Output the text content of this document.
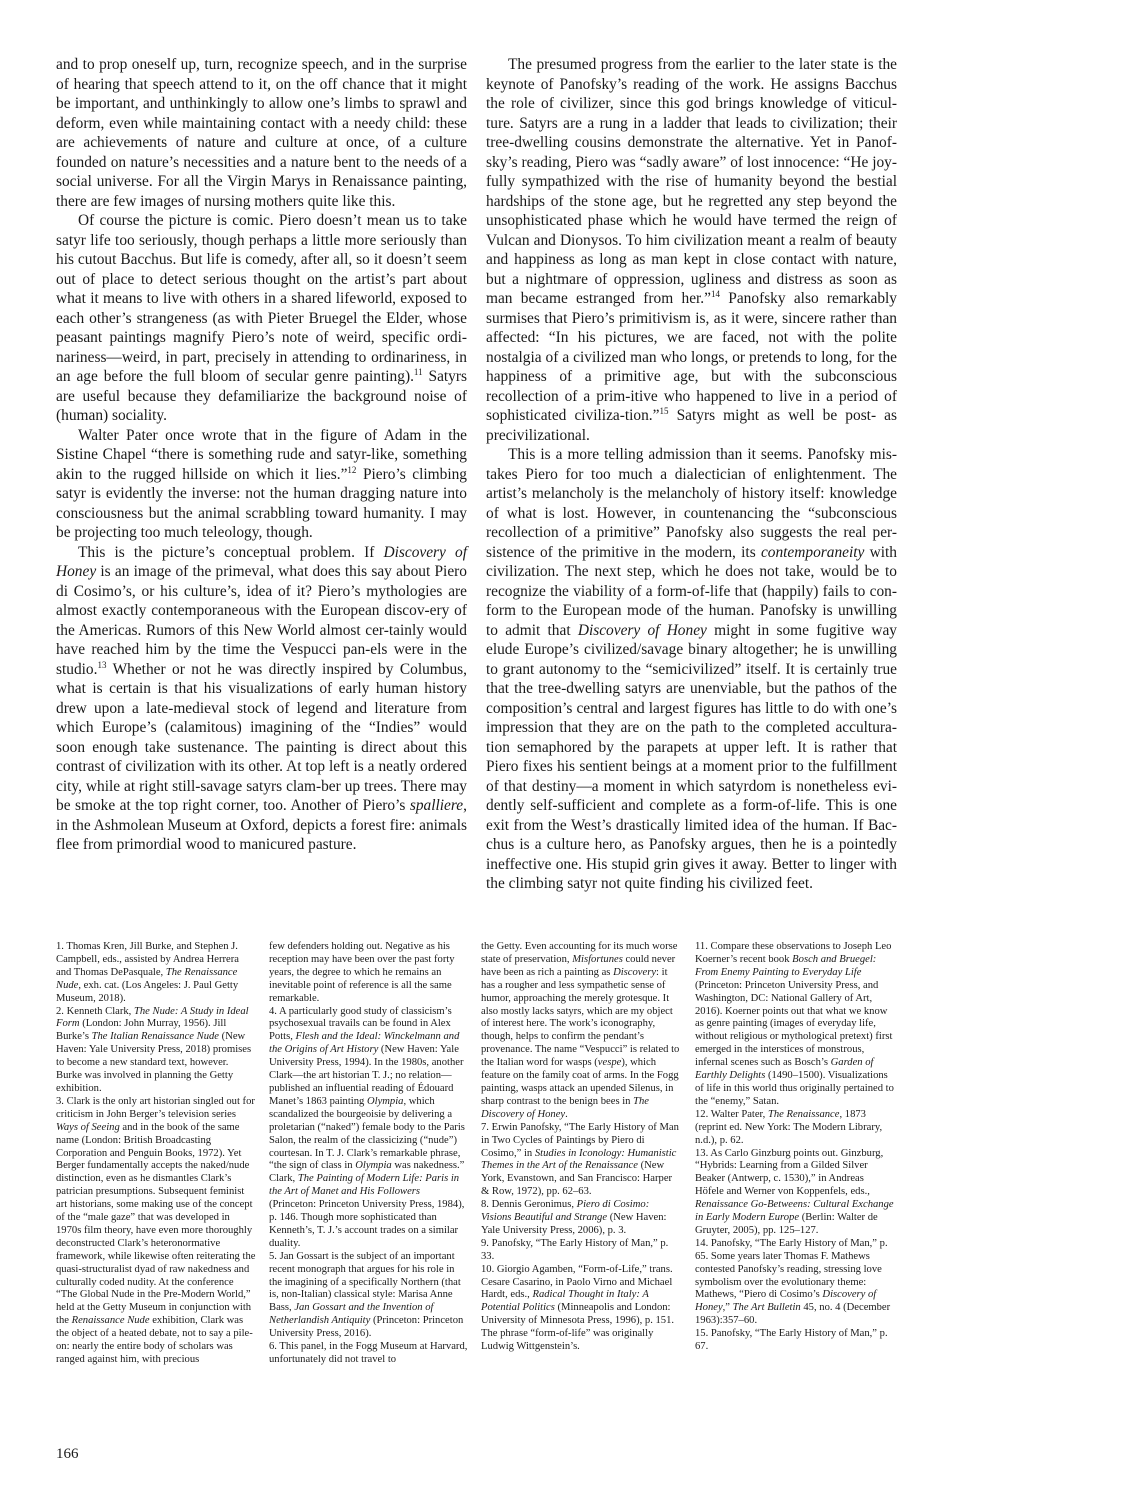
and to prop oneself up, turn, recognize speech, and in the surprise of hearing that speech attend to it, on the off chance that it might be important, and unthinkingly to allow one’s limbs to sprawl and deform, even while maintaining contact with a needy child: these are achievements of nature and culture at once, of a culture founded on nature’s necessities and a nature bent to the needs of a social universe. For all the Virgin Marys in Renaissance painting, there are few images of nursing mothers quite like this.

Of course the picture is comic. Piero doesn’t mean us to take satyr life too seriously, though perhaps a little more seriously than his cutout Bacchus. But life is comedy, after all, so it doesn’t seem out of place to detect serious thought on the artist’s part about what it means to live with others in a shared lifeworld, exposed to each other’s strangeness (as with Pieter Bruegel the Elder, whose peasant paintings magnify Piero’s note of weird, specific ordi-nariness—weird, in part, precisely in attending to ordinariness, in an age before the full bloom of secular genre painting).$^{11}$ Satyrs are useful because they defamiliarize the background noise of (human) sociality.

Walter Pater once wrote that in the figure of Adam in the Sistine Chapel “there is something rude and satyr-like, something akin to the rugged hillside on which it lies.”$^{12}$ Piero’s climbing satyr is evidently the inverse: not the human dragging nature into consciousness but the animal scrabbling toward humanity. I may be projecting too much teleology, though.

This is the picture’s conceptual problem. If Discovery of Honey is an image of the primeval, what does this say about Piero di Cosimo’s, or his culture’s, idea of it? Piero’s mythologies are almost exactly contemporaneous with the European discov-ery of the Americas. Rumors of this New World almost cer-tainly would have reached him by the time the Vespucci pan-els were in the studio.$^{13}$ Whether or not he was directly inspired by Columbus, what is certain is that his visualizations of early human history drew upon a late-medieval stock of legend and literature from which Europe’s (calamitous) imagining of the “Indies” would soon enough take sustenance. The painting is direct about this contrast of civilization with its other. At top left is a neatly ordered city, while at right still-savage satyrs clam-ber up trees. There may be smoke at the top right corner, too. Another of Piero’s spalliere, in the Ashmolean Museum at Oxford, depicts a forest fire: animals flee from primordial wood to manicured pasture.

The presumed progress from the earlier to the later state is the keynote of Panofsky’s reading of the work. He assigns Bacchus the role of civilizer, since this god brings knowledge of viticul-ture. Satyrs are a rung in a ladder that leads to civilization; their tree-dwelling cousins demonstrate the alternative. Yet in Panof-sky’s reading, Piero was “sadly aware” of lost innocence: “He joy-fully sympathized with the rise of humanity beyond the bestial hardships of the stone age, but he regretted any step beyond the unsophisticated phase which he would have termed the reign of Vulcan and Dionysos. To him civilization meant a realm of beauty and happiness as long as man kept in close contact with nature, but a nightmare of oppression, ugliness and distress as soon as man became estranged from her.”$^{14}$ Panofsky also remarkably surmises that Piero’s primitivism is, as it were, sincere rather than affected: “In his pictures, we are faced, not with the polite nostalgia of a civilized man who longs, or pretends to long, for the happiness of a primitive age, but with the subconscious recollection of a prim-itive who happened to live in a period of sophisticated civiliza-tion.”$^{15}$ Satyrs might as well be post- as precivilizational.

This is a more telling admission than it seems. Panofsky mis-takes Piero for too much a dialectician of enlightenment. The artist’s melancholy is the melancholy of history itself: knowledge of what is lost. However, in countenancing the “subconscious recollection of a primitive” Panofsky also suggests the real per-sistence of the primitive in the modern, its contemporaneity with civilization. The next step, which he does not take, would be to recognize the viability of a form-of-life that (happily) fails to con-form to the European mode of the human. Panofsky is unwilling to admit that Discovery of Honey might in some fugitive way elude Europe’s civilized/savage binary altogether; he is unwilling to grant autonomy to the “semicivilized” itself. It is certainly true that the tree-dwelling satyrs are unenviable, but the pathos of the composition’s central and largest figures has little to do with one’s impression that they are on the path to the completed accultura-tion semaphored by the parapets at upper left. It is rather that Piero fixes his sentient beings at a moment prior to the fulfillment of that destiny—a moment in which satyrdom is nonetheless evi-dently self-sufficient and complete as a form-of-life. This is one exit from the West’s drastically limited idea of the human. If Bac-chus is a culture hero, as Panofsky argues, then he is a pointedly ineffective one. His stupid grin gives it away. Better to linger with the climbing satyr not quite finding his civilized feet.

1. Thomas Kren, Jill Burke, and Stephen J. Campbell, eds., assisted by Andrea Herrera and Thomas DePasquale, The Renaissance Nude, exh. cat. (Los Angeles: J. Paul Getty Museum, 2018).

2. Kenneth Clark, The Nude: A Study in Ideal Form (London: John Murray, 1956). Jill Burke’s The Italian Renaissance Nude (New Haven: Yale University Press, 2018) promises to become a new standard text, however. Burke was involved in planning the Getty exhibition.

3. Clark is the only art historian singled out for criticism in John Berger’s television series Ways of Seeing and in the book of the same name (London: British Broadcasting Corporation and Penguin Books, 1972). Yet Berger fundamentally accepts the naked/nude distinction, even as he dismantles Clark’s patrician presumptions. Subsequent feminist art historians, some making use of the concept of the “male gaze” that was developed in 1970s film theory, have even more thoroughly deconstructed Clark’s heteronormative framework, while likewise often reiterating the quasi-structuralist dyad of raw nakedness and culturally coded nudity. At the conference “The Global Nude in the Pre-Modern World,” held at the Getty Museum in conjunction with the Renaissance Nude exhibition, Clark was the object of a heated debate, not to say a pile-on: nearly the entire body of scholars was ranged against him, with precious

few defenders holding out. Negative as his reception may have been over the past forty years, the degree to which he remains an inevitable point of reference is all the same remarkable.

4. A particularly good study of classicism’s psychosexual travails can be found in Alex Potts, Flesh and the Ideal: Winckelmann and the Origins of Art History (New Haven: Yale University Press, 1994). In the 1980s, another Clark—the art historian T. J.; no relation—published an influential reading of Édouard Manet’s 1863 painting Olympia, which scandalized the bourgeoisie by delivering a proletarian (“naked”) female body to the Paris Salon, the realm of the classicizing (“nude”) courtesan. In T. J. Clark’s remarkable phrase, “the sign of class in Olympia was nakedness.” Clark, The Painting of Modern Life: Paris in the Art of Manet and His Followers (Princeton: Princeton University Press, 1984), p. 146. Though more sophisticated than Kenneth’s, T. J.’s account trades on a similar duality.

5. Jan Gossart is the subject of an important recent monograph that argues for his role in the imagining of a specifically Northern (that is, non-Italian) classical style: Marisa Anne Bass, Jan Gossart and the Invention of Netherlandish Antiquity (Princeton: Princeton University Press, 2016).

6. This panel, in the Fogg Museum at Harvard, unfortunately did not travel to

the Getty. Even accounting for its much worse state of preservation, Misfortunes could never have been as rich a painting as Discovery: it has a rougher and less sympathetic sense of humor, approaching the merely grotesque. It also mostly lacks satyrs, which are my object of interest here. The work’s iconography, though, helps to confirm the pendant’s provenance. The name “Vespucci” is related to the Italian word for wasps (vespe), which feature on the family coat of arms. In the Fogg painting, wasps attack an upended Silenus, in sharp contrast to the benign bees in The Discovery of Honey.

7. Erwin Panofsky, “The Early History of Man in Two Cycles of Paintings by Piero di Cosimo,” in Studies in Iconology: Humanistic Themes in the Art of the Renaissance (New York, Evanstown, and San Francisco: Harper & Row, 1972), pp. 62–63.

8. Dennis Geronimus, Piero di Cosimo: Visions Beautiful and Strange (New Haven: Yale University Press, 2006), p. 3.

9. Panofsky, “The Early History of Man,” p. 33.

10. Giorgio Agamben, “Form-of-Life,” trans. Cesare Casarino, in Paolo Virno and Michael Hardt, eds., Radical Thought in Italy: A Potential Politics (Minneapolis and London: University of Minnesota Press, 1996), p. 151. The phrase “form-of-life” was originally Ludwig Wittgenstein’s.

11. Compare these observations to Joseph Leo Koerner’s recent book Bosch and Bruegel: From Enemy Painting to Everyday Life (Princeton: Princeton University Press, and Washington, DC: National Gallery of Art, 2016). Koerner points out that what we know as genre painting (images of everyday life, without religious or mythological pretext) first emerged in the interstices of monstrous, infernal scenes such as Bosch’s Garden of Earthly Delights (1490–1500). Visualizations of life in this world thus originally pertained to the “enemy,” Satan.

12. Walter Pater, The Renaissance, 1873 (reprint ed. New York: The Modern Library, n.d.), p. 62.

13. As Carlo Ginzburg points out. Ginzburg, “Hybrids: Learning from a Gilded Silver Beaker (Antwerp, c. 1530),” in Andreas Höfele and Werner von Koppenfels, eds., Renaissance Go-Betweens: Cultural Exchange in Early Modern Europe (Berlin: Walter de Gruyter, 2005), pp. 125–127.

14. Panofsky, “The Early History of Man,” p. 65. Some years later Thomas F. Mathews contested Panofsky’s reading, stressing love symbolism over the evolutionary theme: Mathews, “Piero di Cosimo’s Discovery of Honey,” The Art Bulletin 45, no. 4 (December 1963):357–60.

15. Panofsky, “The Early History of Man,” p. 67.

166
